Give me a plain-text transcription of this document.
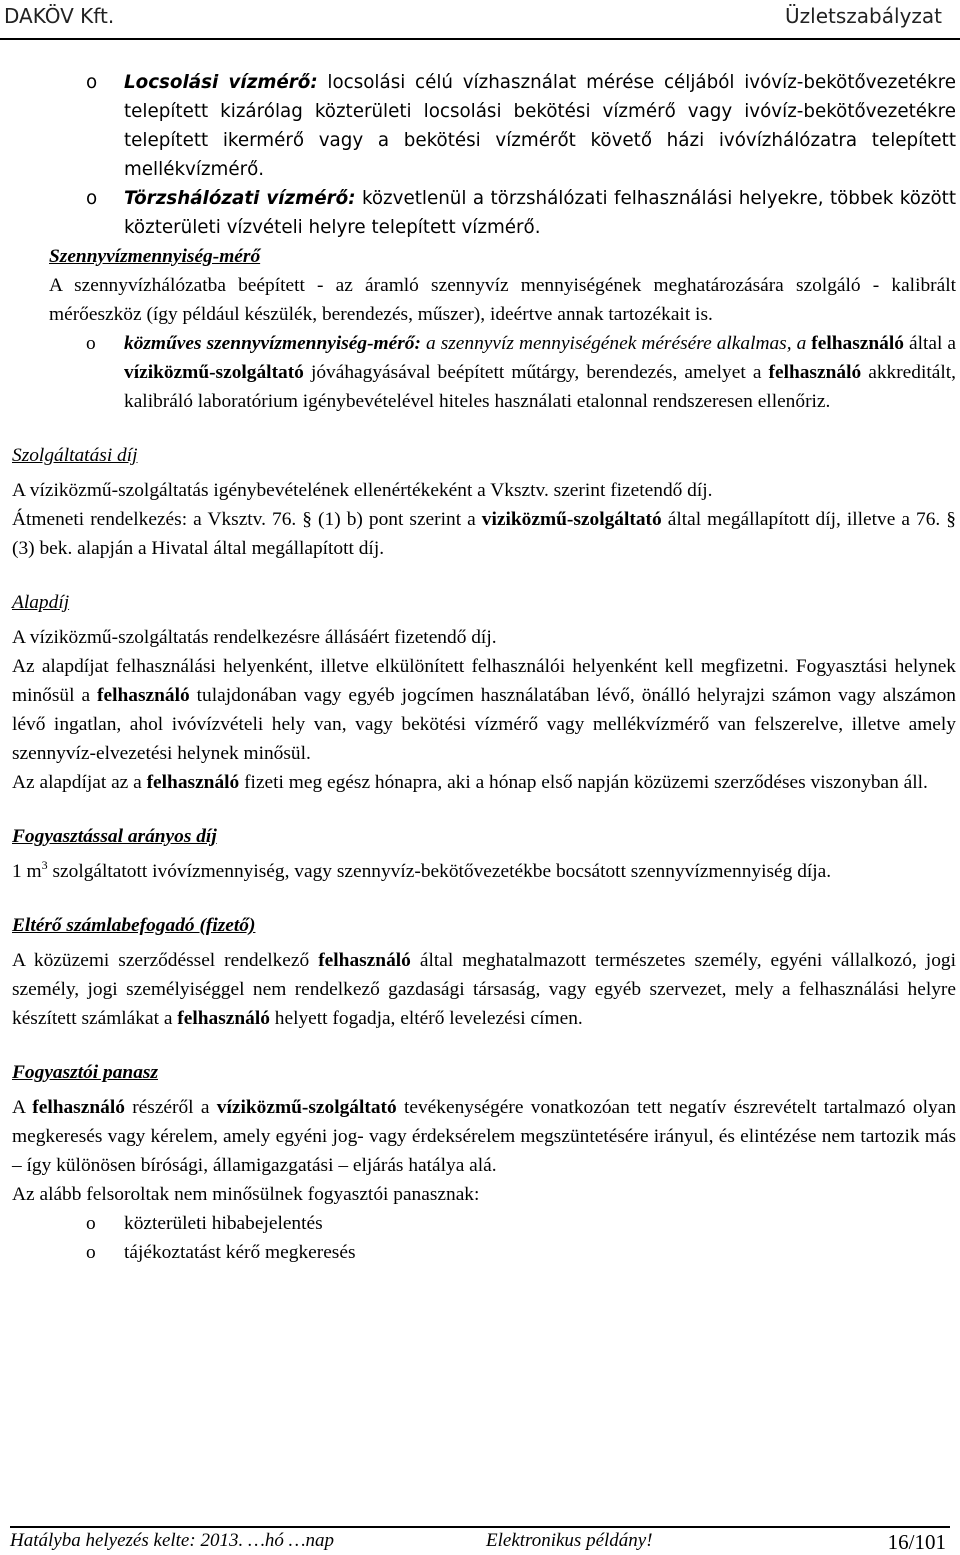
DAKÖV Kft.	Üzletszabályzat

o Locsolási vízmérő: locsolási célú vízhasználat mérése céljából ivóvíz-bekötővezetékre telepített kizárólag közterületi locsolási bekötési vízmérő vagy ivóvíz-bekötővezetékre telepített ikermérő vagy a bekötési vízmérőt követő házi ivóvízhálózatra telepített mellékvízmérő.

o Törzshálózati vízmérő: közvetlenül a törzshálózati felhasználási helyekre, többek között közterületi vízvételi helyre telepített vízmérő.

Szennyvízmennyiség-mérő

A szennyvízhálózatba beépített - az áramló szennyvíz mennyiségének meghatározására szolgáló - kalibrált mérőeszköz (így például készülék, berendezés, műszer), ideértve annak tartozékait is.

o közműves szennyvízmennyiség-mérő: a szennyvíz mennyiségének mérésére alkalmas, a felhasználó által a víziközmű-szolgáltató jóváhagyásával beépített műtárgy, berendezés, amelyet a felhasználó akkreditált, kalibráló laboratórium igénybevételével hiteles használati etalonnal rendszeresen ellenőriz.

Szolgáltatási díj

A víziközmű-szolgáltatás igénybevételének ellenértékeként a Vksztv. szerint fizetendő díj.

Átmeneti rendelkezés: a Vksztv. 76. § (1) b) pont szerint a viziközmű-szolgáltató által megállapított díj, illetve a 76. § (3) bek. alapján a Hivatal által megállapított díj.

Alapdíj

A víziközmű-szolgáltatás rendelkezésre állásáért fizetendő díj.

Az alapdíjat felhasználási helyenként, illetve elkülönített felhasználói helyenként kell megfizetni. Fogyasztási helynek minősül a felhasználó tulajdonában vagy egyéb jogcímen használatában lévő, önálló helyrajzi számon vagy alszámon lévő ingatlan, ahol ivóvízvételi hely van, vagy bekötési vízmérő vagy mellékvízmérő van felszerelve, illetve amely szennyvíz-elvezetési helynek minősül.

Az alapdíjat az a felhasználó fizeti meg egész hónapra, aki a hónap első napján közüzemi szerződéses viszonyban áll.

Fogyasztással arányos díj

1 $m^3$ szolgáltatott ivóvízmennyiség, vagy szennyvíz-bekötővezetékbe bocsátott szennyvízmennyiség díja.

Eltérő számlabefogadó (fizető)

A közüzemi szerződéssel rendelkező felhasználó által meghatalmazott természetes személy, egyéni vállalkozó, jogi személy, jogi személyiséggel nem rendelkező gazdasági társaság, vagy egyéb szervezet, mely a felhasználási helyre készített számlákat a felhasználó helyett fogadja, eltérő levelezési címen.

Fogyasztói panasz

A felhasználó részéről a víziközmű-szolgáltató tevékenységére vonatkozóan tett negatív észrevételt tartalmazó olyan megkeresés vagy kérelem, amely egyéni jog- vagy érdeksérelem megszüntetésére irányul, és elintézése nem tartozik más – így különösen bírósági, államigazgatási – eljárás hatálya alá.

Az alább felsoroltak nem minősülnek fogyasztói panasznak:

o közterületi hibabejelentés

o tájékoztatást kérő megkeresés

Hatályba helyezés kelte: 2013. …hó …nap	Elektronikus példány!	16/101
